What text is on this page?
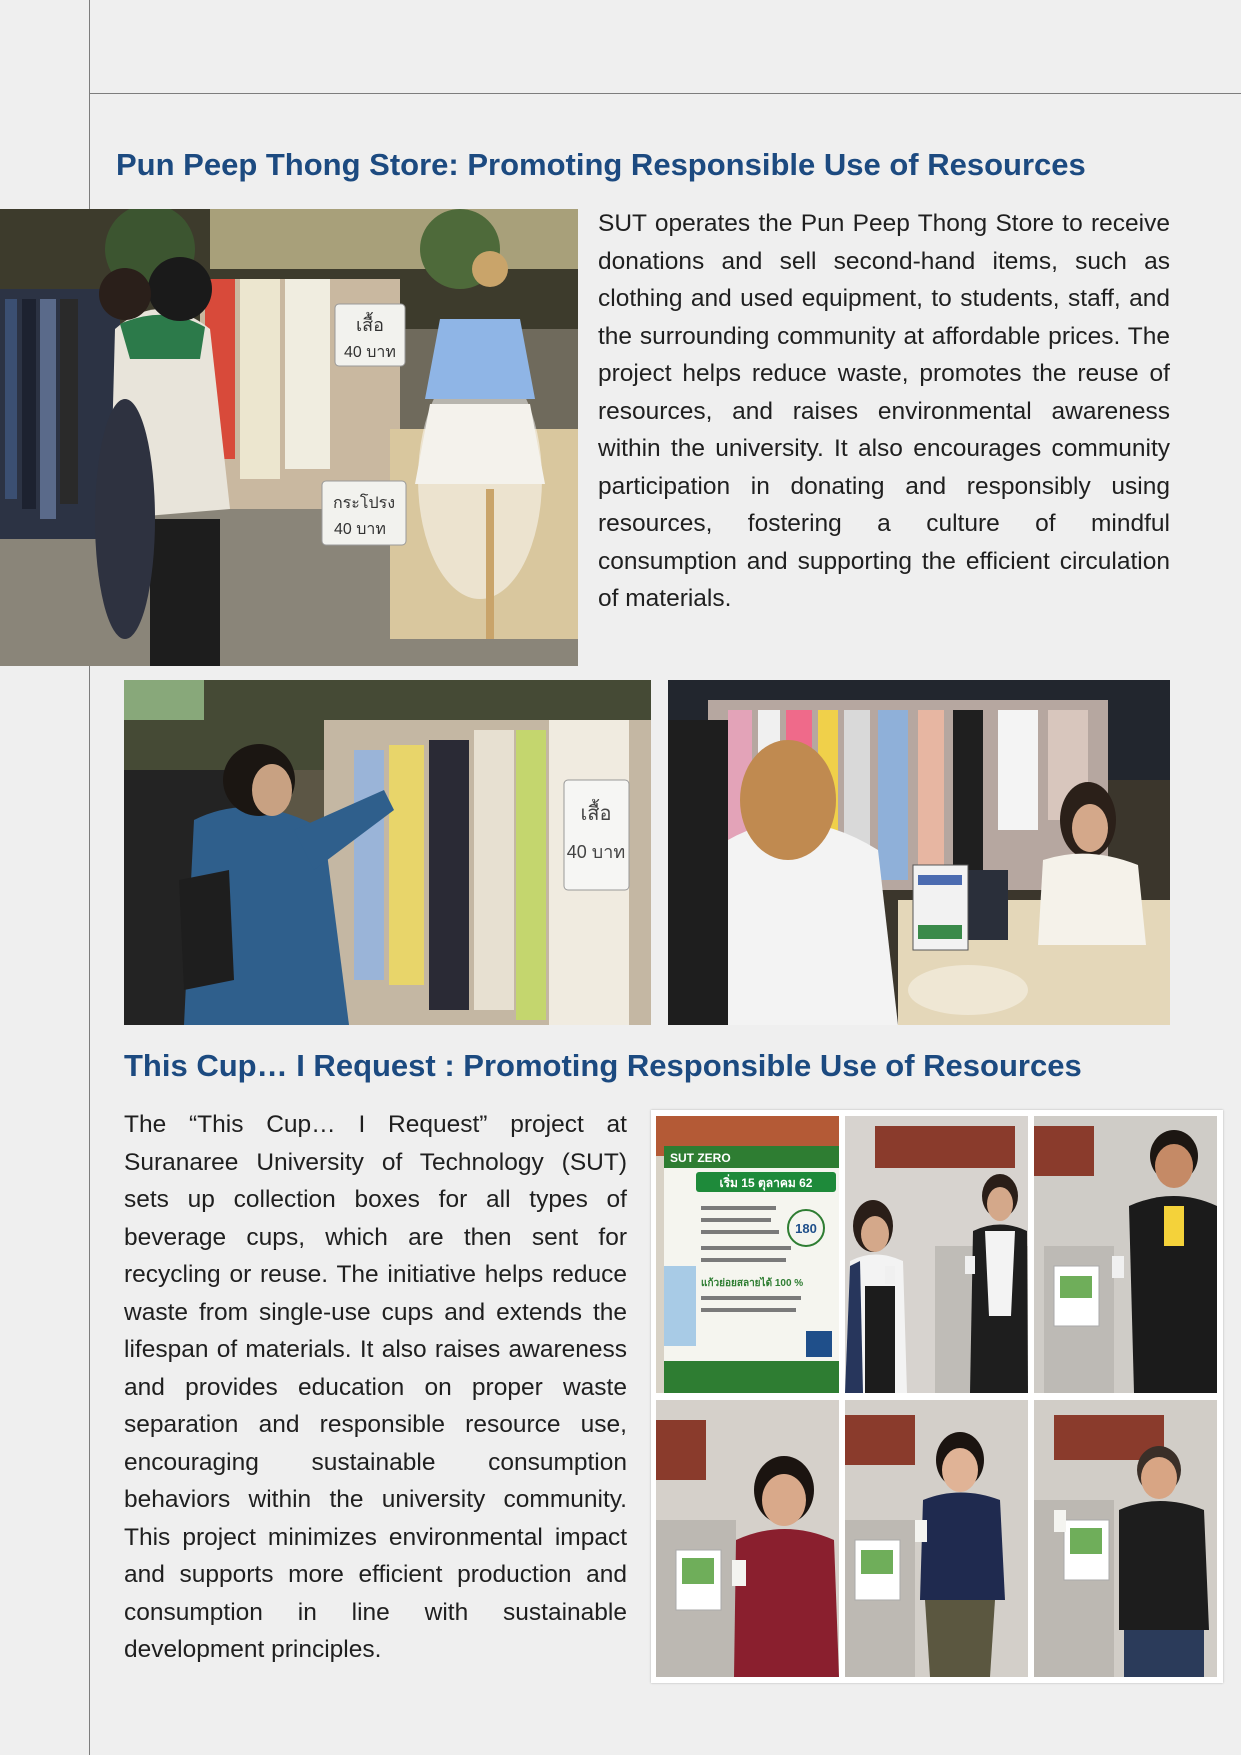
Pun Peep Thong Store: Promoting Responsible Use of Resources
เสื้อ
40 บาท
กระโปรง
40 บาท

SUT operates the Pun Peep Thong Store to receive donations and sell second-hand items, such as clothing and used equipment, to students, staff, and the surrounding community at affordable prices. The project helps reduce waste, promotes the reuse of resources, and raises environmental awareness within the university. It also encourages community participation in donating and responsibly using resources, fostering a culture of mindful consumption and supporting the efficient circulation of materials.

เสื้อ
40 บาท
This Cup… I Request : Promoting Responsible Use of Resources

The “This Cup… I Request” project at Suranaree University of Technology (SUT) sets up collection boxes for all types of beverage cups, which are then sent for recycling or reuse. The initiative helps reduce waste from single-use cups and extends the lifespan of materials. It also raises awareness and provides education on proper waste separation and responsible resource use, encouraging sustainable consumption behaviors within the university community. This project minimizes environmental impact and supports more efficient production and consumption in line with sustainable development principles.

SUT ZERO
เริ่ม 15 ตุลาคม 62
180
แก้วย่อยสลายได้ 100 %
